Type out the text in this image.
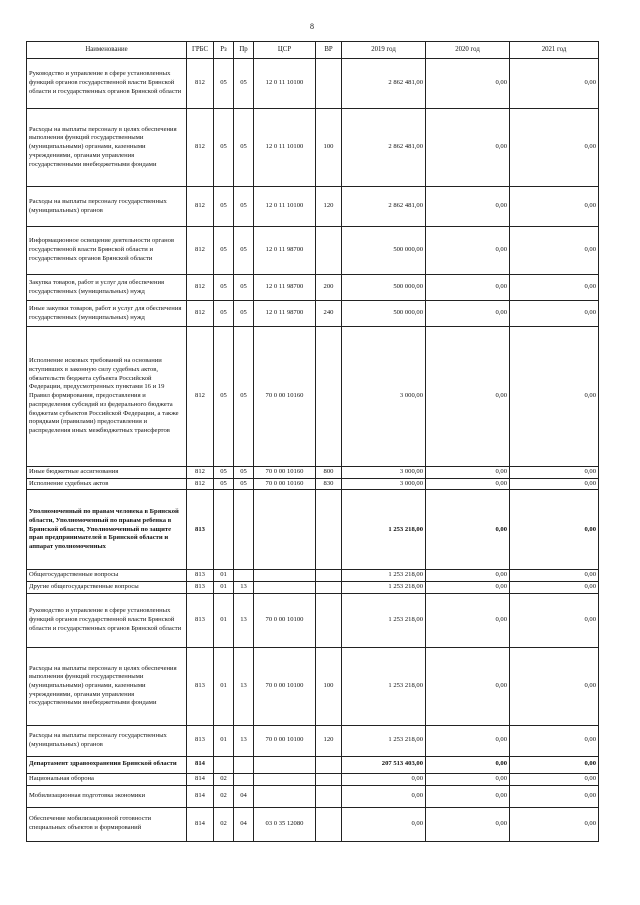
8
Наименование	ГРБС	Рз	Пр	ЦСР	ВР	2019 год	2020 год	2021 год
Руководство и управление в сфере установленных функций органов государственной власти Брянской области и государственных органов Брянской области	812	05	05	12 0 11 10100		2 862 481,00	0,00	0,00
Расходы на выплаты персоналу в целях обеспечения выполнения функций государственными (муниципальными) органами, казенными учреждениями, органами управления государственными внебюджетными фондами	812	05	05	12 0 11 10100	100	2 862 481,00	0,00	0,00
Расходы на выплаты персоналу государственных (муниципальных) органов	812	05	05	12 0 11 10100	120	2 862 481,00	0,00	0,00
Информационное освещение деятельности органов государственной власти Брянской области и государственных органов Брянской области	812	05	05	12 0 11 98700		500 000,00	0,00	0,00
Закупка товаров, работ и услуг для обеспечения государственных (муниципальных) нужд	812	05	05	12 0 11 98700	200	500 000,00	0,00	0,00
Иные закупки товаров, работ и услуг для обеспечения государственных (муниципальных) нужд	812	05	05	12 0 11 98700	240	500 000,00	0,00	0,00
Исполнение исковых требований на основании вступивших в законную силу судебных актов, обязательств бюджета субъекта Российской Федерации, предусмотренных пунктами 16 и 19 Правил формирования, предоставления и распределения субсидий из федерального бюджета бюджетам субъектов Российской Федерации, а также порядками (правилами) предоставления и распределения иных межбюджетных трансфертов	812	05	05	70 0 00 10160		3 000,00	0,00	0,00
Иные бюджетные ассигнования	812	05	05	70 0 00 10160	800	3 000,00	0,00	0,00
Исполнение судебных актов	812	05	05	70 0 00 10160	830	3 000,00	0,00	0,00
Уполномоченный по правам человека в Брянской области, Уполномоченный по правам ребенка в Брянской области, Уполномоченный по защите прав предпринимателей в Брянской области и аппарат уполномоченных	813					1 253 218,00	0,00	0,00
Общегосударственные вопросы	813	01				1 253 218,00	0,00	0,00
Другие общегосударственные вопросы	813	01	13			1 253 218,00	0,00	0,00
Руководство и управление в сфере установленных функций органов государственной власти Брянской области и государственных органов Брянской области	813	01	13	70 0 00 10100		1 253 218,00	0,00	0,00
Расходы на выплаты персоналу в целях обеспечения выполнения функций государственными (муниципальными) органами, казенными учреждениями, органами управления государственными внебюджетными фондами	813	01	13	70 0 00 10100	100	1 253 218,00	0,00	0,00
Расходы на выплаты персоналу государственных (муниципальных) органов	813	01	13	70 0 00 10100	120	1 253 218,00	0,00	0,00
Департамент здравоохранения Брянской области	814					207 513 403,00	0,00	0,00
Национальная оборона	814	02				0,00	0,00	0,00
Мобилизационная подготовка экономики	814	02	04			0,00	0,00	0,00
Обеспечение мобилизационной готовности специальных объектов и формирований	814	02	04	03 0 35 12080		0,00	0,00	0,00
